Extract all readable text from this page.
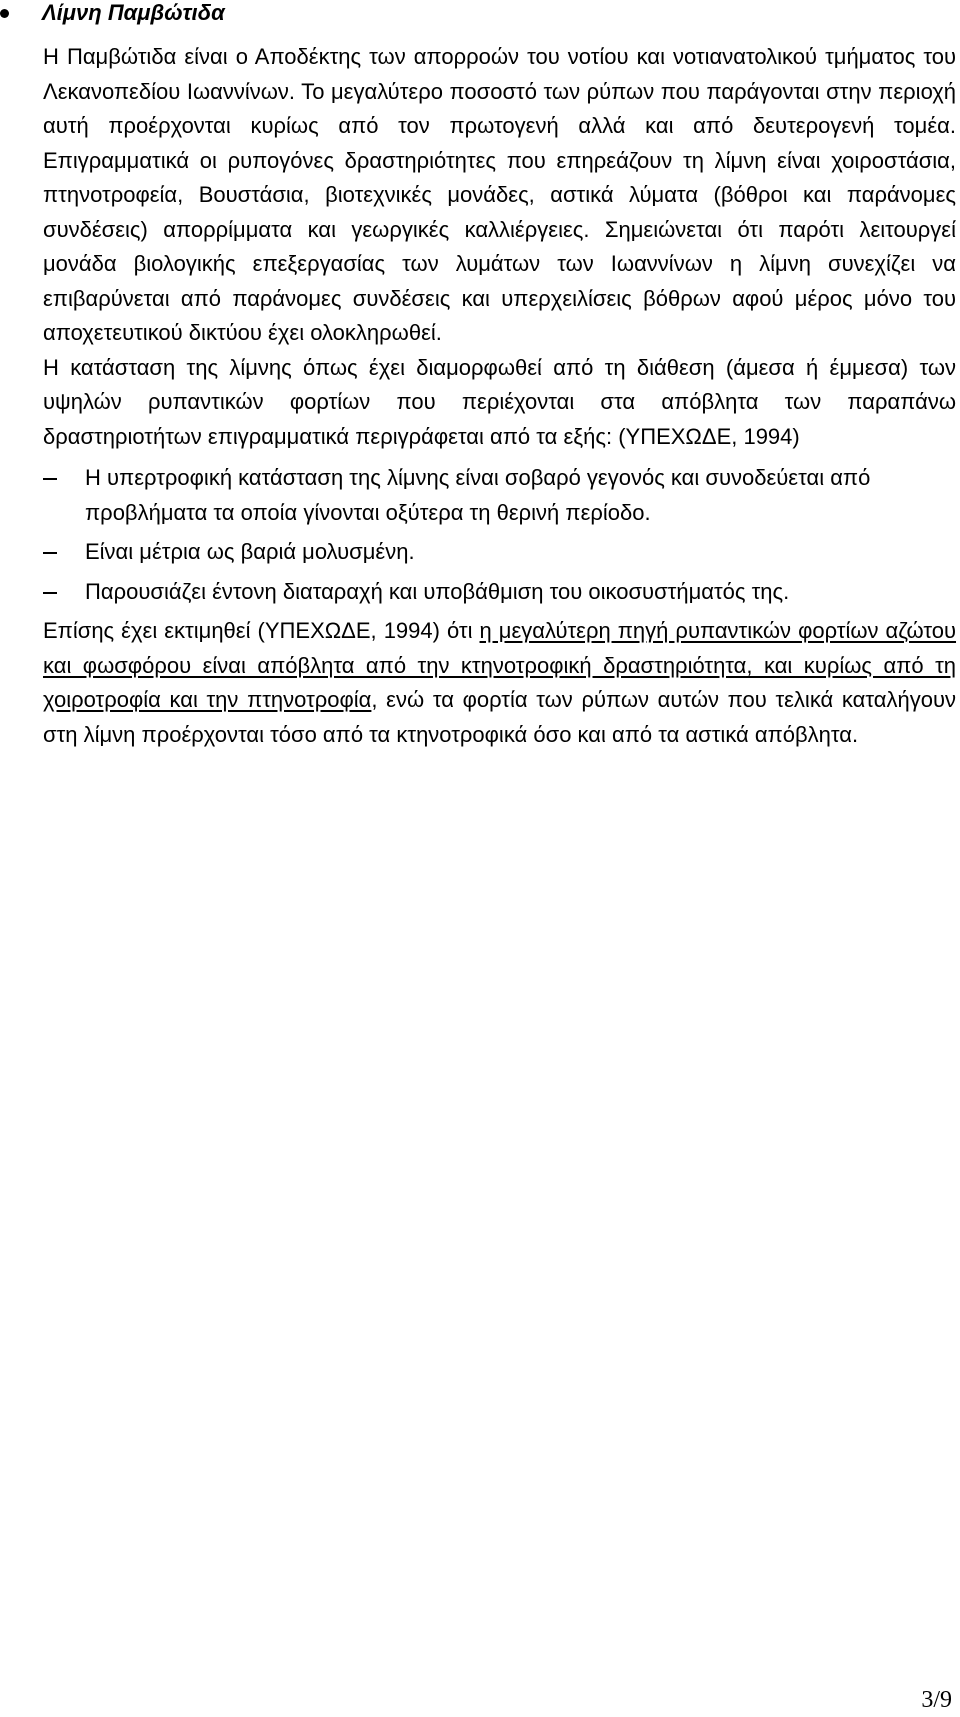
Λίμνη Παμβώτιδα

Η Παμβώτιδα είναι ο Αποδέκτης των απορροών του νοτίου και νοτιανατολικού τμήματος του Λεκανοπεδίου Ιωαννίνων. Το μεγαλύτερο ποσοστό των ρύπων που παράγονται στην περιοχή αυτή προέρχονται κυρίως από τον πρωτογενή αλλά και από δευτερογενή τομέα. Επιγραμματικά οι ρυπογόνες δραστηριότητες που επηρεάζουν τη λίμνη είναι χοιροστάσια, πτηνοτροφεία, Βουστάσια, βιοτεχνικές μονάδες, αστικά λύματα (βόθροι και παράνομες συνδέσεις) απορρίμματα και γεωργικές καλλιέργειες. Σημειώνεται ότι παρότι λειτουργεί μονάδα βιολογικής επεξεργασίας των λυμάτων των Ιωαννίνων η λίμνη συνεχίζει να επιβαρύνεται από παράνομες συνδέσεις και υπερχειλίσεις βόθρων αφού μέρος μόνο του αποχετευτικού δικτύου έχει ολοκληρωθεί.

Η κατάσταση της λίμνης όπως έχει διαμορφωθεί από τη διάθεση (άμεσα ή έμμεσα) των υψηλών ρυπαντικών φορτίων που περιέχονται στα απόβλητα των παραπάνω δραστηριοτήτων επιγραμματικά περιγράφεται από τα εξής: (ΥΠΕΧΩΔΕ, 1994)

Η υπερτροφική κατάσταση της λίμνης είναι σοβαρό γεγονός και συνοδεύεται από προβλήματα τα οποία γίνονται οξύτερα τη θερινή περίοδο.
Είναι μέτρια ως βαριά μολυσμένη.
Παρουσιάζει έντονη διαταραχή και υποβάθμιση του οικοσυστήματός της.

Επίσης έχει εκτιμηθεί (ΥΠΕΧΩΔΕ, 1994) ότι η μεγαλύτερη πηγή ρυπαντικών φορτίων αζώτου και φωσφόρου είναι απόβλητα από την κτηνοτροφική δραστηριότητα, και κυρίως από τη χοιροτροφία και την πτηνοτροφία, ενώ τα φορτία των ρύπων αυτών που τελικά καταλήγουν στη λίμνη προέρχονται τόσο από τα κτηνοτροφικά όσο και από τα αστικά απόβλητα.

3/9
